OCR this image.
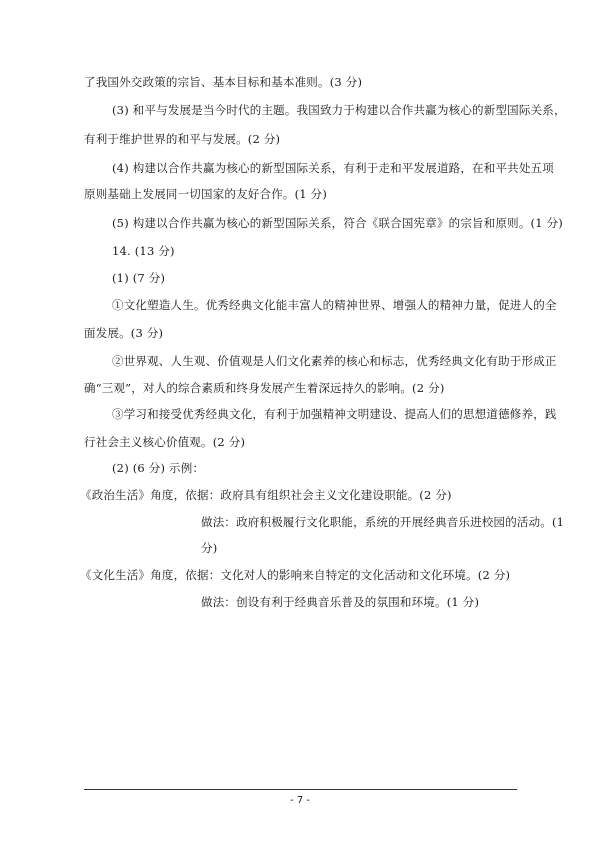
了我国外交政策的宗旨、基本目标和基本准则。(3 分)
(3) 和平与发展是当今时代的主题。我国致力于构建以合作共赢为核心的新型国际关系，
有利于维护世界的和平与发展。(2 分)
(4) 构建以合作共赢为核心的新型国际关系，有利于走和平发展道路，在和平共处五项
原则基础上发展同一切国家的友好合作。(1 分)
(5) 构建以合作共赢为核心的新型国际关系，符合《联合国宪章》的宗旨和原则。(1 分)
14. (13 分)
(1) (7 分)
①文化塑造人生。优秀经典文化能丰富人的精神世界、增强人的精神力量，促进人的全
面发展。(3 分)
②世界观、人生观、价值观是人们文化素养的核心和标志，优秀经典文化有助于形成正
确“三观”，对人的综合素质和终身发展产生着深远持久的影响。(2 分)
③学习和接受优秀经典文化，有利于加强精神文明建设、提高人们的思想道德修养，践
行社会主义核心价值观。(2 分)
(2) (6 分) 示例：
《政治生活》角度，依据：政府具有组织社会主义文化建设职能。(2 分)
做法：政府积极履行文化职能，系统的开展经典音乐进校园的活动。(1
分)
《文化生活》角度，依据：文化对人的影响来自特定的文化活动和文化环境。(2 分)
做法：创设有利于经典音乐普及的氛围和环境。(1 分)
- 7 -
